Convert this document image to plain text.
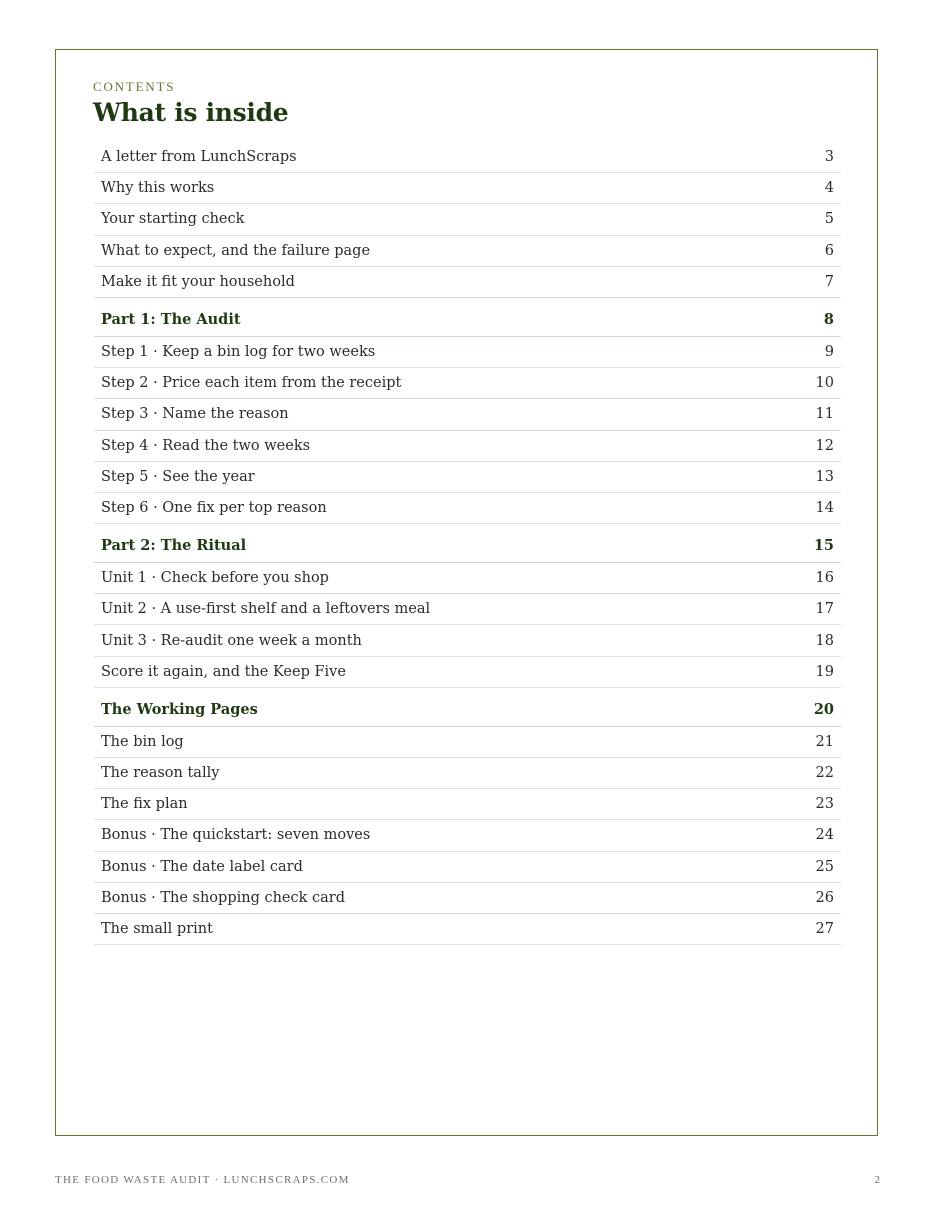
CONTENTS
What is inside
A letter from LunchScraps	3
Why this works	4
Your starting check	5
What to expect, and the failure page	6
Make it fit your household	7
Part 1: The Audit	8
Step 1 · Keep a bin log for two weeks	9
Step 2 · Price each item from the receipt	10
Step 3 · Name the reason	11
Step 4 · Read the two weeks	12
Step 5 · See the year	13
Step 6 · One fix per top reason	14
Part 2: The Ritual	15
Unit 1 · Check before you shop	16
Unit 2 · A use-first shelf and a leftovers meal	17
Unit 3 · Re-audit one week a month	18
Score it again, and the Keep Five	19
The Working Pages	20
The bin log	21
The reason tally	22
The fix plan	23
Bonus · The quickstart: seven moves	24
Bonus · The date label card	25
Bonus · The shopping check card	26
The small print	27
THE FOOD WASTE AUDIT · LUNCHSCRAPS.COM	2
